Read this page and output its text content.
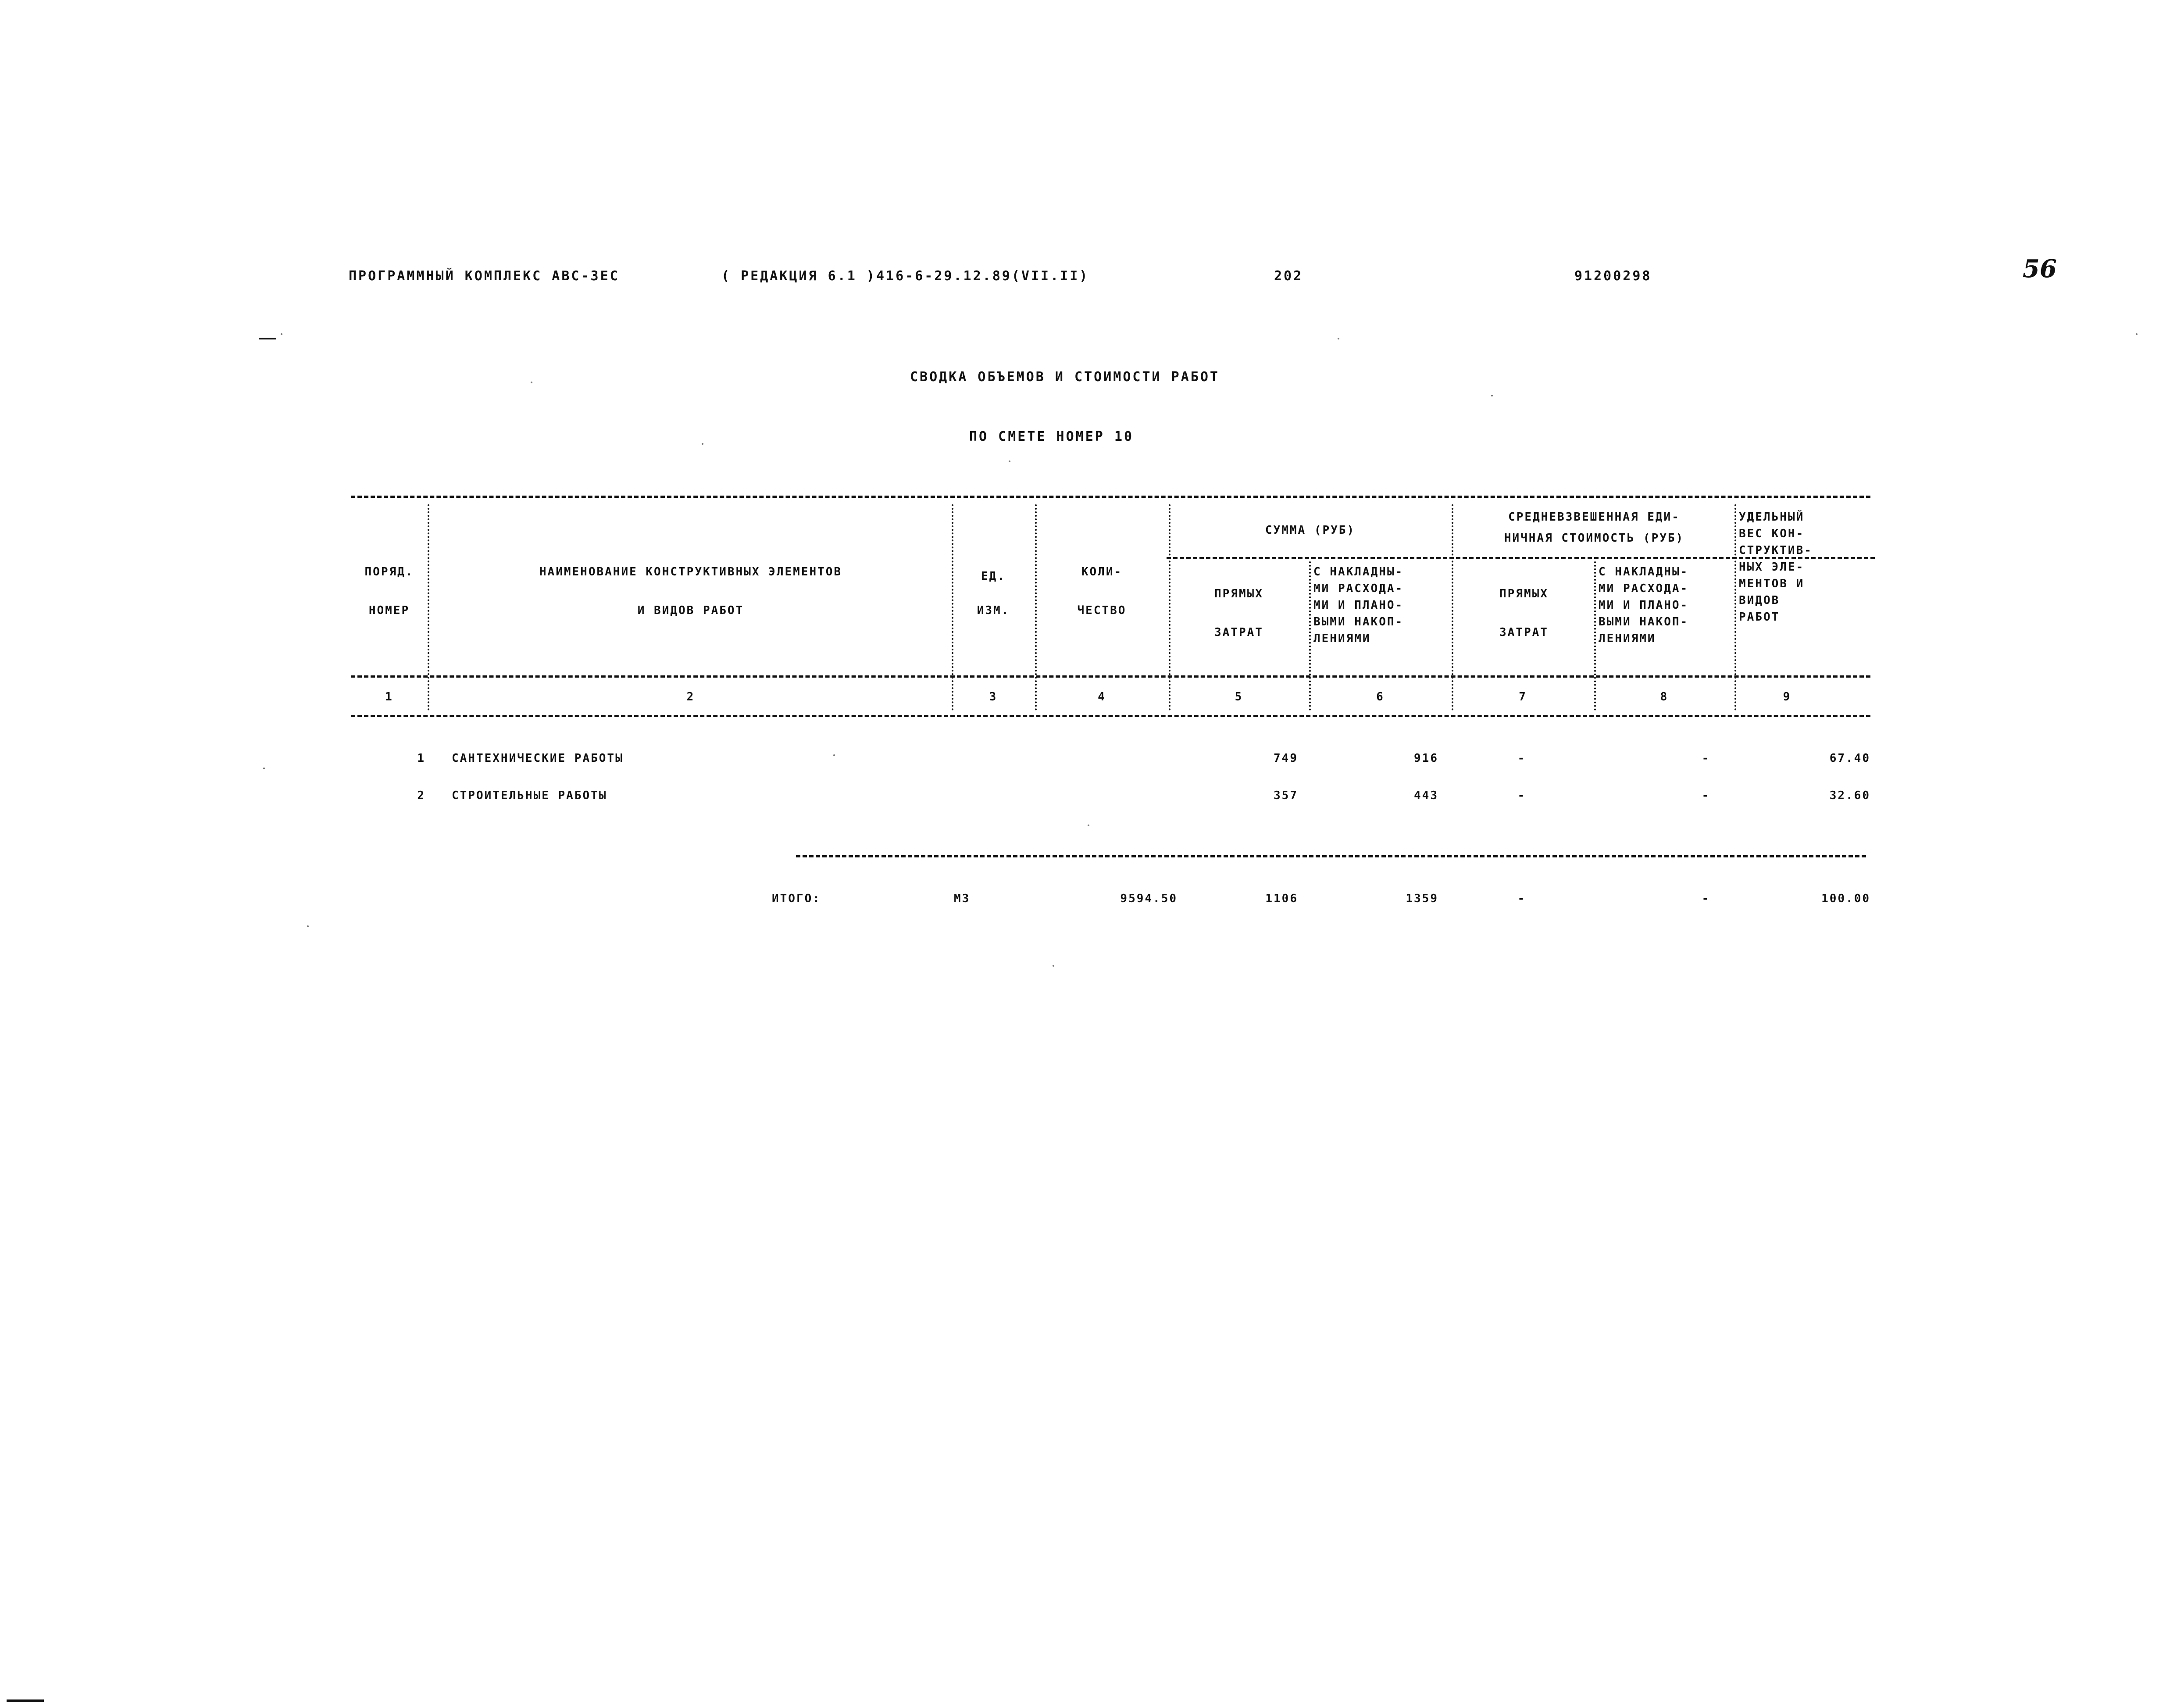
ПРОГРАММНЫЙ КОМПЛЕКС АВС-ЗЕС	( РЕДАКЦИЯ 6.1 )416-6-29.12.89(VII.II)	202	91200298	56
СВОДКА ОБЪЕМОВ И СТОИМОСТИ РАБОТ
ПО СМЕТЕ НОМЕР 10
ПОРЯД.
НОМЕР
НАИМЕНОВАНИЕ КОНСТРУКТИВНЫХ ЭЛЕМЕНТОВ
И ВИДОВ РАБОТ
ЕД.
ИЗМ.
КОЛИ-
ЧЕСТВО
СУММА (РУБ)
СРЕДНЕВЗВЕШЕННАЯ ЕДИ-
НИЧНАЯ СТОИМОСТЬ (РУБ)
ПРЯМЫХ
ЗАТРАТ
С НАКЛАДНЫ-
МИ РАСХОДА-
МИ И ПЛАНО-
ВЫМИ НАКОП-
ЛЕНИЯМИ
ПРЯМЫХ
ЗАТРАТ
С НАКЛАДНЫ-
МИ РАСХОДА-
МИ И ПЛАНО-
ВЫМИ НАКОП-
ЛЕНИЯМИ
УДЕЛЬНЫЙ
ВЕС КОН-
СТРУКТИВ-
НЫХ ЭЛЕ-
МЕНТОВ И
ВИДОВ
РАБОТ
1	2	3	4	5	6	7	8	9
1 САНТЕХНИЧЕСКИЕ РАБОТЫ	749	916	-	-	67.40
2 СТРОИТЕЛЬНЫЕ РАБОТЫ	357	443	-	-	32.60
ИТОГО:	М3	9594.50	1106	1359	-	-	100.00
